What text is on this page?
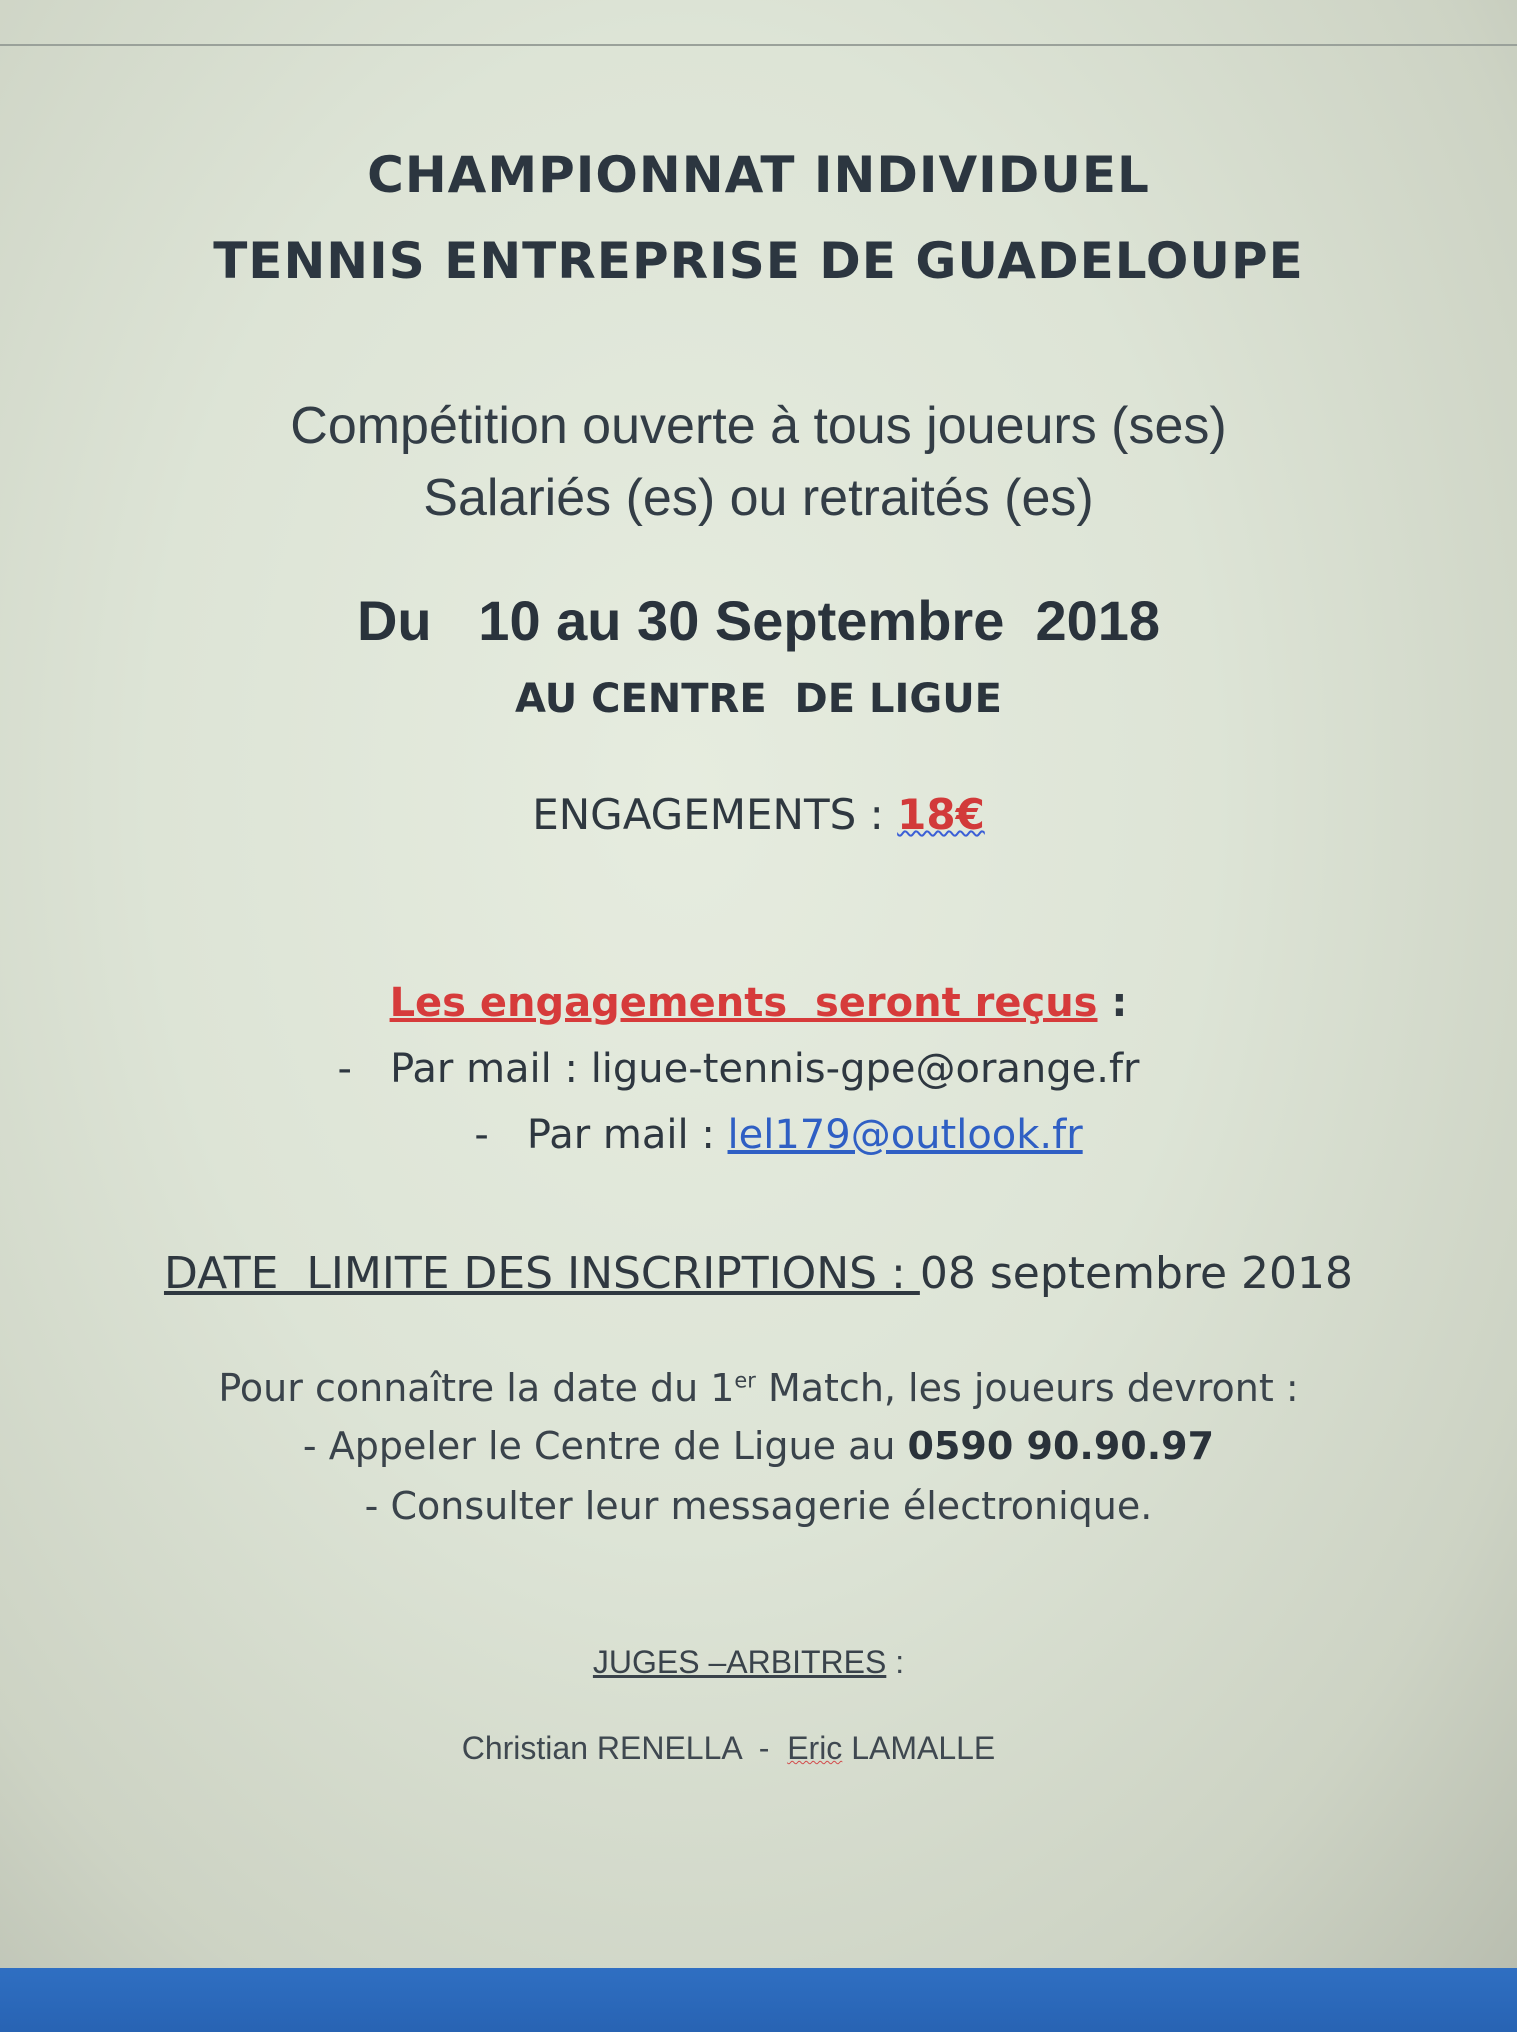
CHAMPIONNAT INDIVIDUEL
TENNIS ENTREPRISE DE GUADELOUPE
Compétition ouverte à tous joueurs (ses)
Salariés (es) ou retraités (es)
Du   10 au 30 Septembre  2018
AU CENTRE  DE LIGUE
ENGAGEMENTS : 18€
Les engagements  seront reçus :
-   Par mail : ligue-tennis-gpe@orange.fr
-   Par mail : lel179@outlook.fr
DATE  LIMITE DES INSCRIPTIONS : 08 septembre 2018
Pour connaître la date du 1er Match, les joueurs devront :
- Appeler le Centre de Ligue au 0590 90.90.97
- Consulter leur messagerie électronique.
JUGES –ARBITRES :
Christian RENELLA  -  Eric LAMALLE
